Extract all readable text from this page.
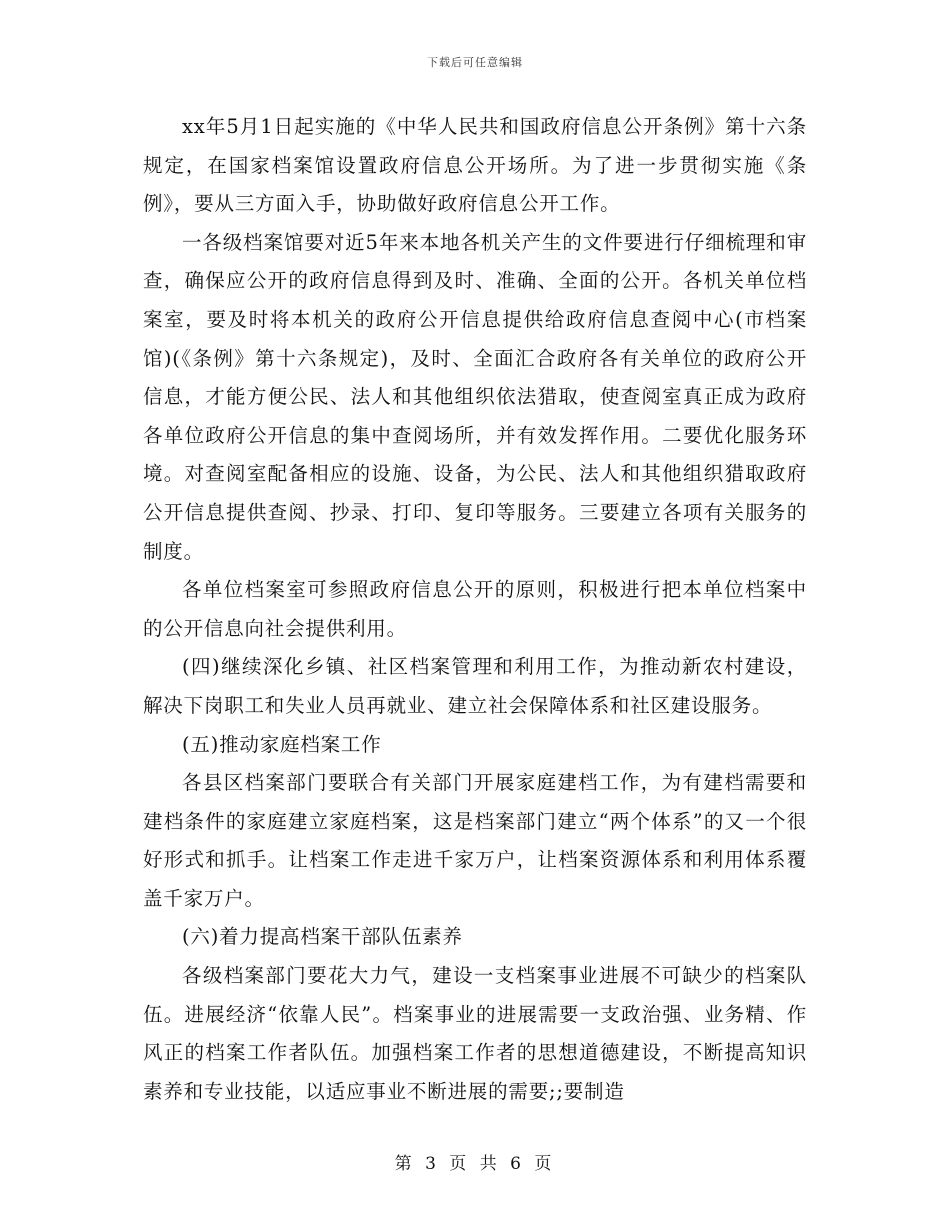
下载后可任意编辑

xx年5月1日起实施的《中华人民共和国政府信息公开条例》第十六条规定，在国家档案馆设置政府信息公开场所。为了进一步贯彻实施《条例》，要从三方面入手，协助做好政府信息公开工作。

一各级档案馆要对近5年来本地各机关产生的文件要进行仔细梳理和审查，确保应公开的政府信息得到及时、准确、全面的公开。各机关单位档案室，要及时将本机关的政府公开信息提供给政府信息查阅中心(市档案馆)(《条例》第十六条规定)，及时、全面汇合政府各有关单位的政府公开信息，才能方便公民、法人和其他组织依法猎取，使查阅室真正成为政府各单位政府公开信息的集中查阅场所，并有效发挥作用。二要优化服务环境。对查阅室配备相应的设施、设备，为公民、法人和其他组织猎取政府公开信息提供查阅、抄录、打印、复印等服务。三要建立各项有关服务的制度。

各单位档案室可参照政府信息公开的原则，积极进行把本单位档案中的公开信息向社会提供利用。

(四)继续深化乡镇、社区档案管理和利用工作，为推动新农村建设，解决下岗职工和失业人员再就业、建立社会保障体系和社区建设服务。

(五)推动家庭档案工作

各县区档案部门要联合有关部门开展家庭建档工作，为有建档需要和建档条件的家庭建立家庭档案，这是档案部门建立“两个体系”的又一个很好形式和抓手。让档案工作走进千家万户，让档案资源体系和利用体系覆盖千家万户。

(六)着力提高档案干部队伍素养

各级档案部门要花大力气，建设一支档案事业进展不可缺少的档案队伍。进展经济“依靠人民”。档案事业的进展需要一支政治强、业务精、作风正的档案工作者队伍。加强档案工作者的思想道德建设，不断提高知识素养和专业技能，以适应事业不断进展的需要;;要制造

第 3 页 共 6 页
